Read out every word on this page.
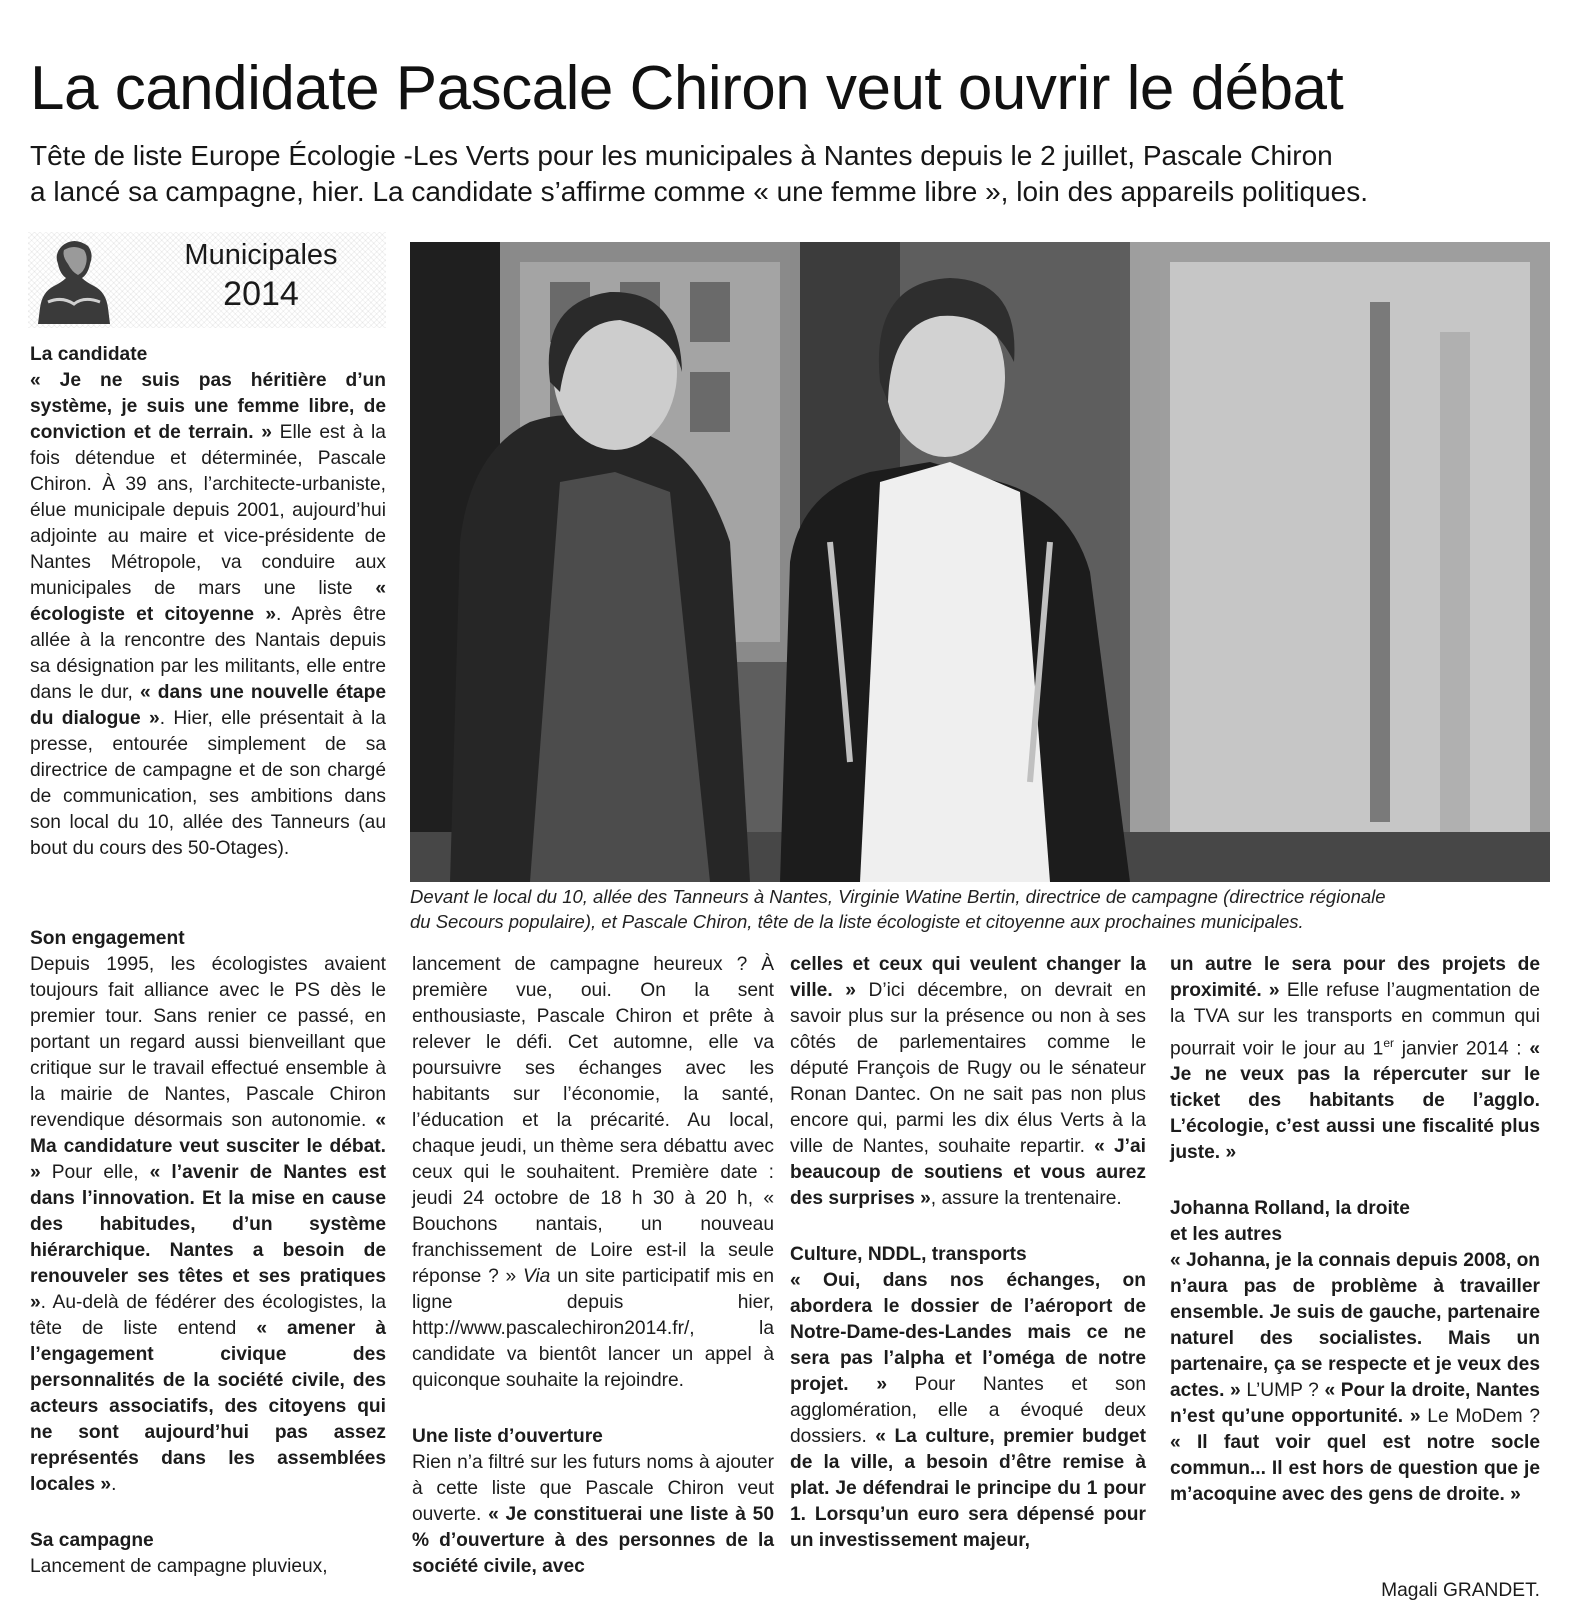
La candidate Pascale Chiron veut ouvrir le débat
Tête de liste Europe Écologie -Les Verts pour les municipales à Nantes depuis le 2 juillet, Pascale Chiron
a lancé sa campagne, hier. La candidate s’affirme comme « une femme libre », loin des appareils politiques.
Municipales
2014
Devant le local du 10, allée des Tanneurs à Nantes, Virginie Watine Bertin, directrice de campagne (directrice régionale
du Secours populaire), et Pascale Chiron, tête de la liste écologiste et citoyenne aux prochaines municipales.
La candidate

« Je ne suis pas héritière d’un système, je suis une femme libre, de conviction et de terrain. » Elle est à la fois détendue et déterminée, Pascale Chiron. À 39 ans, l’architecte-urbaniste, élue municipale depuis 2001, aujourd’hui adjointe au maire et vice-présidente de Nantes Métropole, va conduire aux municipales de mars une liste « écologiste et citoyenne ». Après être allée à la rencontre des Nantais depuis sa désignation par les militants, elle entre dans le dur, « dans une nouvelle étape du dialogue ». Hier, elle présentait à la presse, entourée simplement de sa directrice de campagne et de son chargé de communication, ses ambitions dans son local du 10, allée des Tanneurs (au bout du cours des 50-Otages).

Son engagement

Depuis 1995, les écologistes avaient toujours fait alliance avec le PS dès le premier tour. Sans renier ce passé, en portant un regard aussi bienveillant que critique sur le travail effectué ensemble à la mairie de Nantes, Pascale Chiron revendique désormais son autonomie. « Ma candidature veut susciter le débat. » Pour elle, « l’avenir de Nantes est dans l’innovation. Et la mise en cause des habitudes, d’un système hiérarchique. Nantes a besoin de renouveler ses têtes et ses pratiques ». Au-delà de fédérer des écologistes, la tête de liste entend « amener à l’engagement civique des personnalités de la société civile, des acteurs associatifs, des citoyens qui ne sont aujourd’hui pas assez représentés dans les assemblées locales ».

Sa campagne

Lancement de campagne pluvieux,

lancement de campagne heureux ? À première vue, oui. On la sent enthousiaste, Pascale Chiron et prête à relever le défi. Cet automne, elle va poursuivre ses échanges avec les habitants sur l’économie, la santé, l’éducation et la précarité. Au local, chaque jeudi, un thème sera débattu avec ceux qui le souhaitent. Première date : jeudi 24 octobre de 18 h 30 à 20 h, « Bouchons nantais, un nouveau franchissement de Loire est-il la seule réponse ? » Via un site participatif mis en ligne depuis hier, http://www.pascalechiron2014.fr/, la candidate va bientôt lancer un appel à quiconque souhaite la rejoindre.

Une liste d’ouverture

Rien n’a filtré sur les futurs noms à ajouter à cette liste que Pascale Chiron veut ouverte. « Je constituerai une liste à 50 % d’ouverture à des personnes de la société civile, avec

celles et ceux qui veulent changer la ville. » D’ici décembre, on devrait en savoir plus sur la présence ou non à ses côtés de parlementaires comme le député François de Rugy ou le sénateur Ronan Dantec. On ne sait pas non plus encore qui, parmi les dix élus Verts à la ville de Nantes, souhaite repartir. « J’ai beaucoup de soutiens et vous aurez des surprises », assure la trentenaire.

Culture, NDDL, transports

« Oui, dans nos échanges, on abordera le dossier de l’aéroport de Notre-Dame-des-Landes mais ce ne sera pas l’alpha et l’oméga de notre projet. » Pour Nantes et son agglomération, elle a évoqué deux dossiers. « La culture, premier budget de la ville, a besoin d’être remise à plat. Je défendrai le principe du 1 pour 1. Lorsqu’un euro sera dépensé pour un investissement majeur,

un autre le sera pour des projets de proximité. » Elle refuse l’augmentation de la TVA sur les transports en commun qui pourrait voir le jour au 1er janvier 2014 : « Je ne veux pas la répercuter sur le ticket des habitants de l’agglo. L’écologie, c’est aussi une fiscalité plus juste. »

Johanna Rolland, la droite
et les autres

« Johanna, je la connais depuis 2008, on n’aura pas de problème à travailler ensemble. Je suis de gauche, partenaire naturel des socialistes. Mais un partenaire, ça se respecte et je veux des actes. » L’UMP ? « Pour la droite, Nantes n’est qu’une opportunité. » Le MoDem ? « Il faut voir quel est notre socle commun... Il est hors de question que je m’acoquine avec des gens de droite. »

Magali GRANDET.
